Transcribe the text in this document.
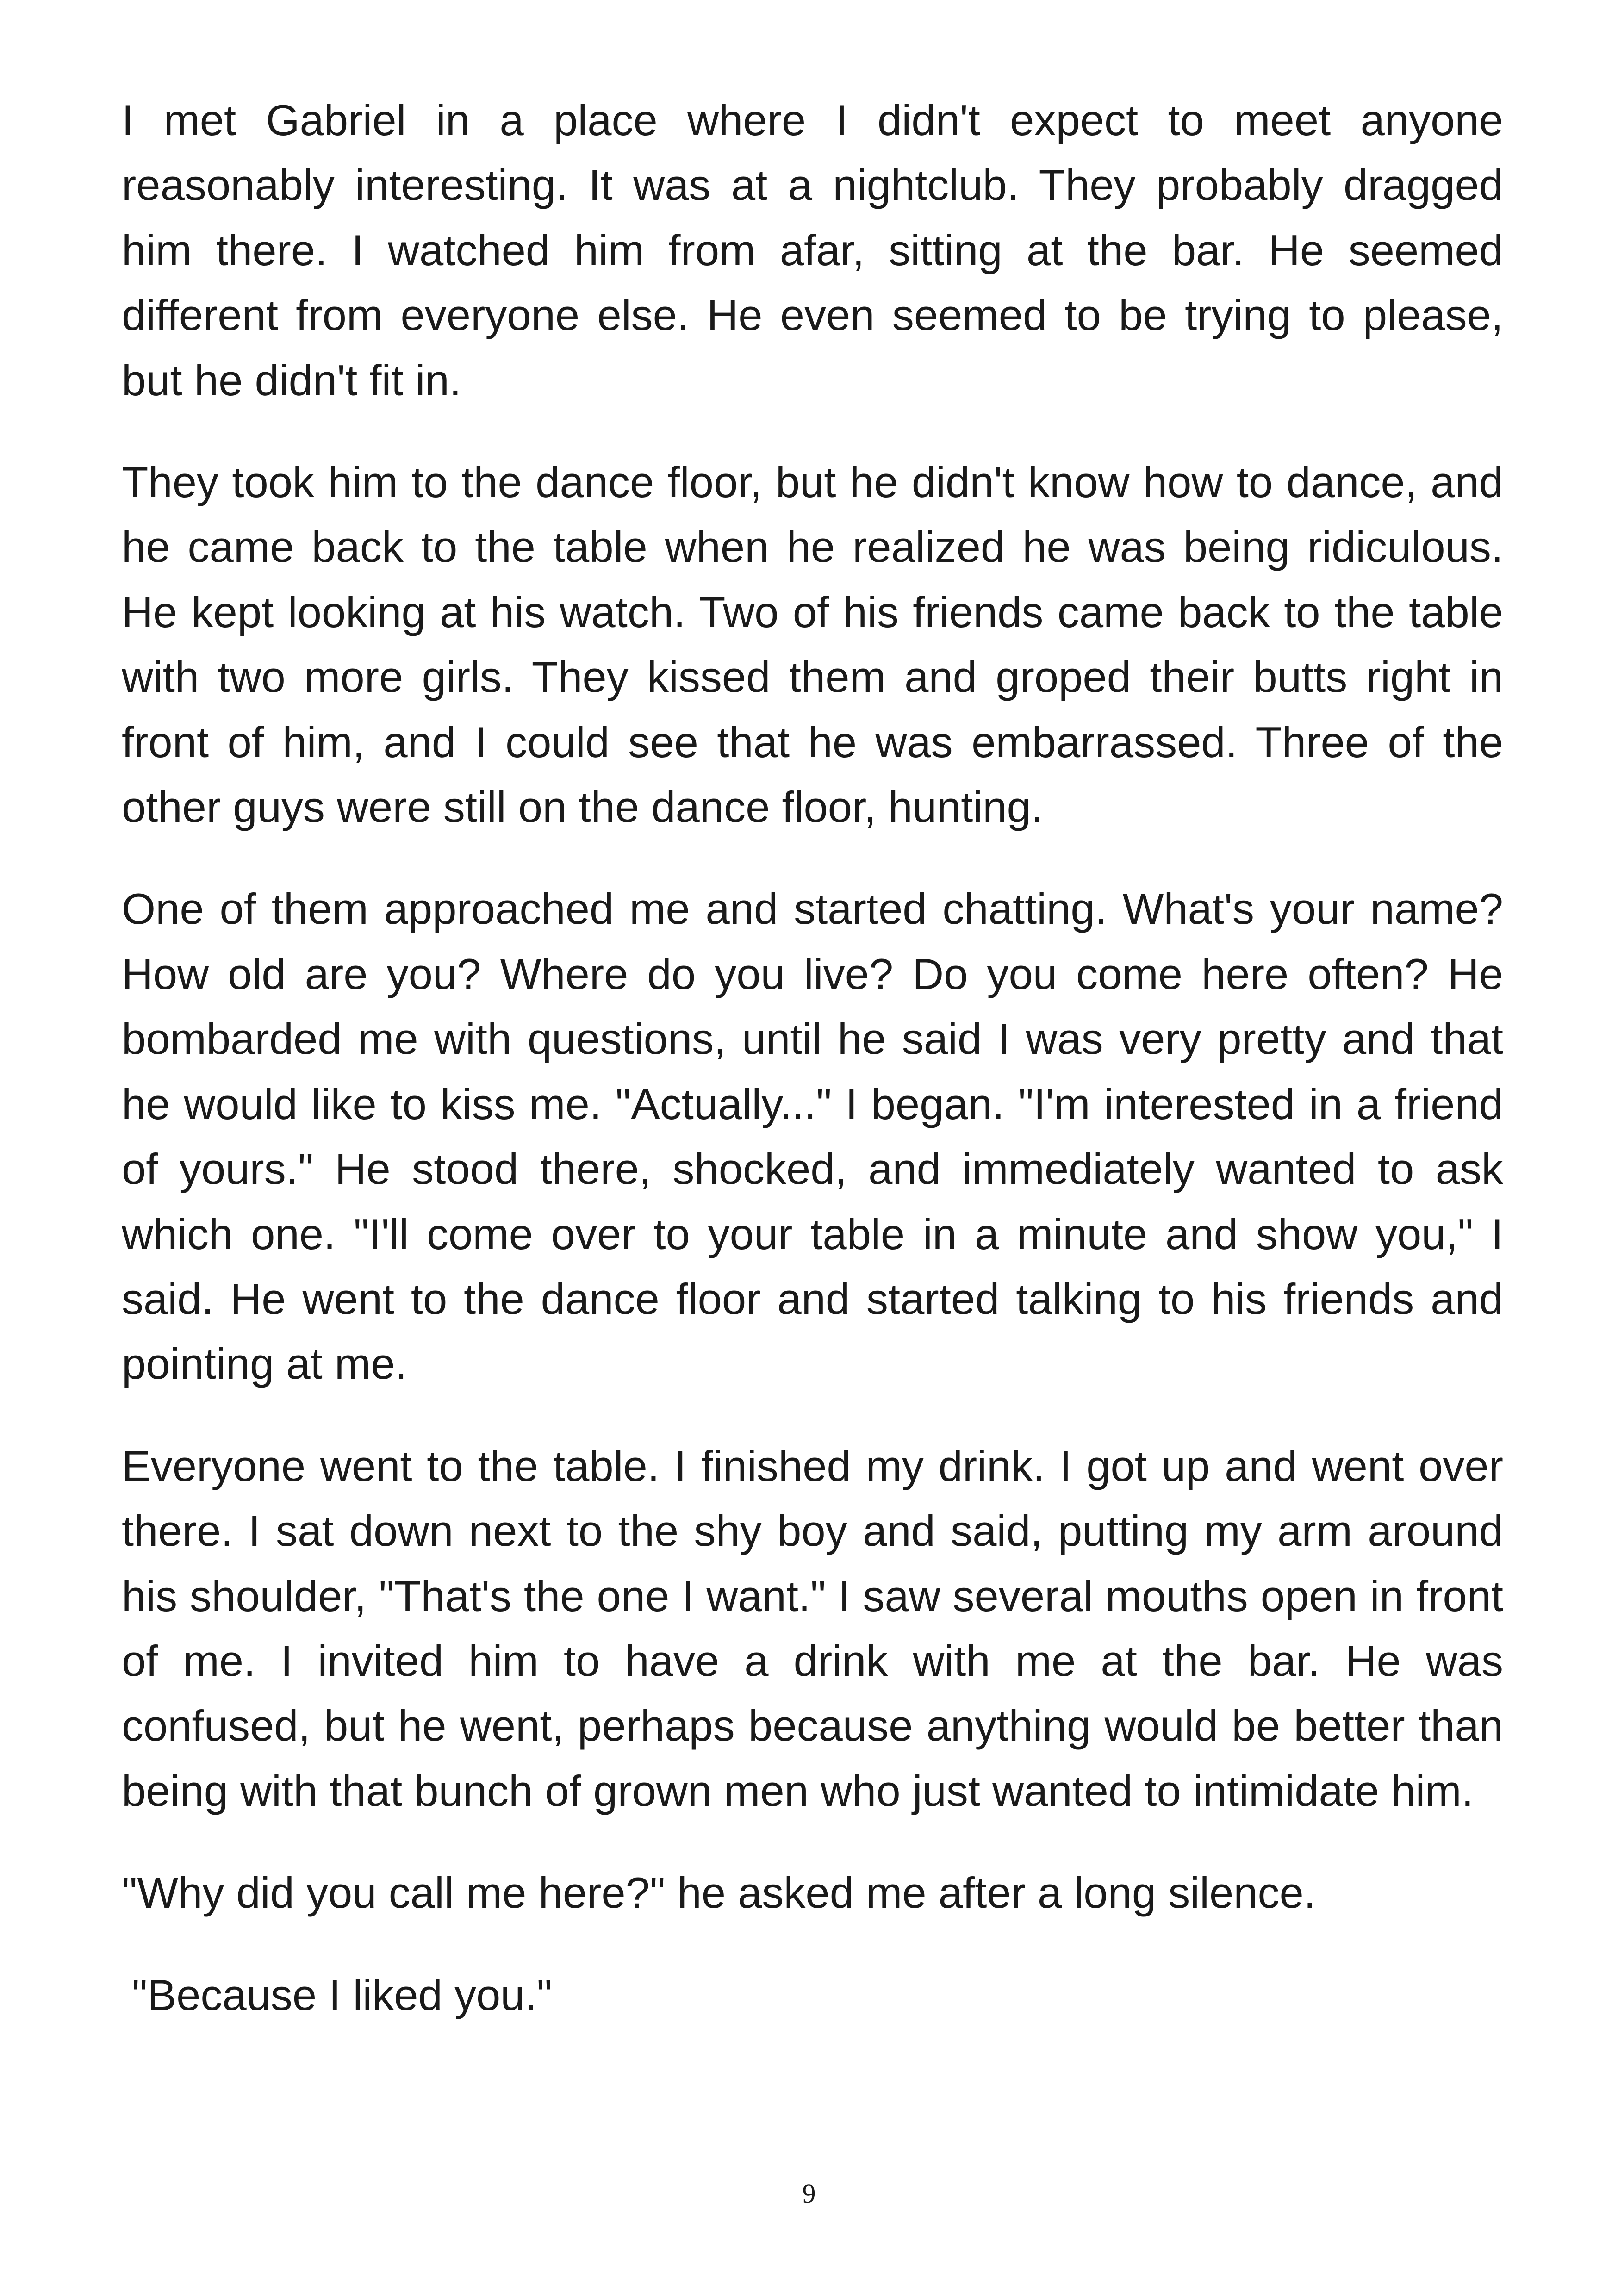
I met Gabriel in a place where I didn't expect to meet anyone reasonably interesting. It was at a nightclub. They probably dragged him there. I watched him from afar, sitting at the bar. He seemed different from everyone else. He even seemed to be trying to please, but he didn't fit in.

They took him to the dance floor, but he didn't know how to dance, and he came back to the table when he realized he was being ridiculous. He kept looking at his watch. Two of his friends came back to the table with two more girls. They kissed them and groped their butts right in front of him, and I could see that he was embarrassed. Three of the other guys were still on the dance floor, hunting.

One of them approached me and started chatting. What's your name? How old are you? Where do you live? Do you come here often? He bombarded me with questions, until he said I was very pretty and that he would like to kiss me. "Actually..." I began. "I'm interested in a friend of yours." He stood there, shocked, and immediately wanted to ask which one. "I'll come over to your table in a minute and show you," I said. He went to the dance floor and started talking to his friends and pointing at me.

Everyone went to the table. I finished my drink. I got up and went over there. I sat down next to the shy boy and said, putting my arm around his shoulder, "That's the one I want." I saw several mouths open in front of me. I invited him to have a drink with me at the bar. He was confused, but he went, perhaps because anything would be better than being with that bunch of grown men who just wanted to intimidate him.

"Why did you call me here?" he asked me after a long silence.

"Because I liked you."

9
